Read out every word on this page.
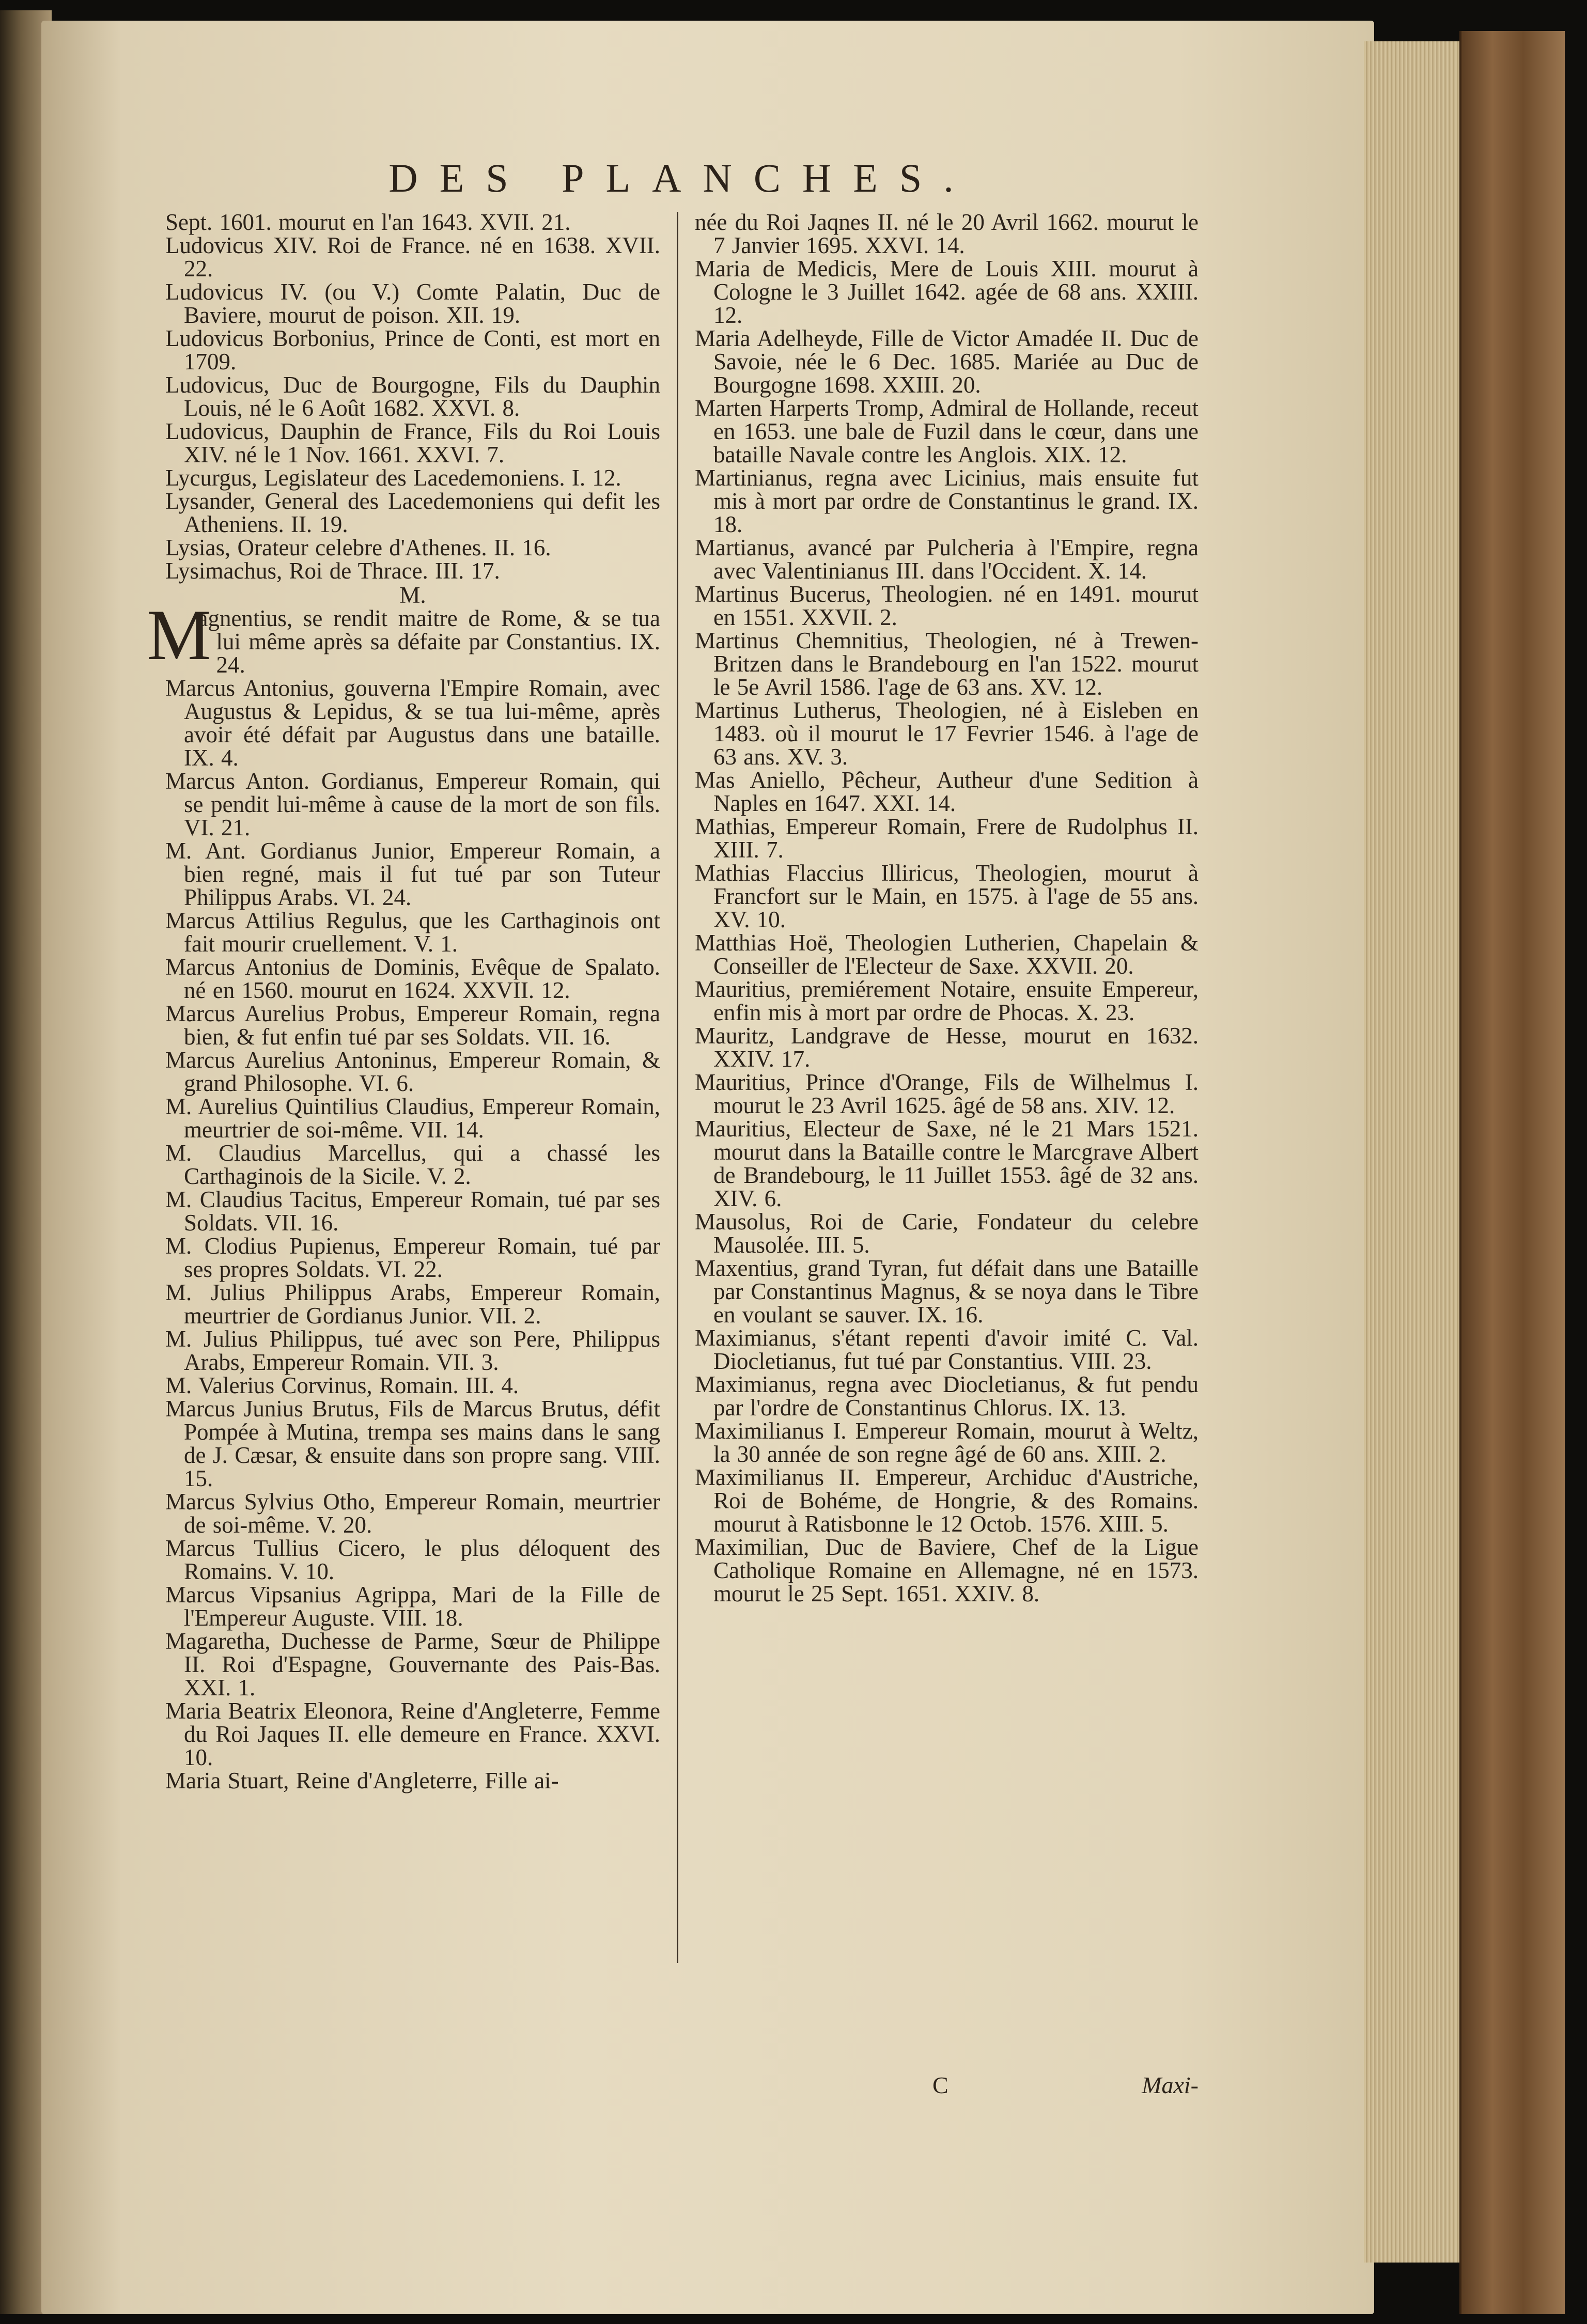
DES PLANCHES.

Sept. 1601. mourut en l'an 1643. XVII. 21.

Ludovicus XIV. Roi de France. né en 1638. XVII. 22.

Ludovicus IV. (ou V.) Comte Palatin, Duc de Baviere, mourut de poison. XII. 19.

Ludovicus Borbonius, Prince de Conti, est mort en 1709.

Ludovicus, Duc de Bourgogne, Fils du Dauphin Louis, né le 6 Août 1682. XXVI. 8.

Ludovicus, Dauphin de France, Fils du Roi Louis XIV. né le 1 Nov. 1661. XXVI. 7.

Lycurgus, Legislateur des Lacedemoniens. I. 12.

Lysander, General des Lacedemoniens qui defit les Atheniens. II. 19.

Lysias, Orateur celebre d'Athenes. II. 16.

Lysimachus, Roi de Thrace. III. 17.

M.

M
agnentius, se rendit maitre de Rome, & se tua lui même après sa défaite par Constantius. IX. 24.

Marcus Antonius, gouverna l'Empire Romain, avec Augustus & Lepidus, & se tua lui-même, après avoir été défait par Augustus dans une bataille. IX. 4.

Marcus Anton. Gordianus, Empereur Romain, qui se pendit lui-même à cause de la mort de son fils. VI. 21.

M. Ant. Gordianus Junior, Empereur Romain, a bien regné, mais il fut tué par son Tuteur Philippus Arabs. VI. 24.

Marcus Attilius Regulus, que les Carthaginois ont fait mourir cruellement. V. 1.

Marcus Antonius de Dominis, Evêque de Spalato. né en 1560. mourut en 1624. XXVII. 12.

Marcus Aurelius Probus, Empereur Romain, regna bien, & fut enfin tué par ses Soldats. VII. 16.

Marcus Aurelius Antoninus, Empereur Romain, & grand Philosophe. VI. 6.

M. Aurelius Quintilius Claudius, Empereur Romain, meurtrier de soi-même. VII. 14.

M. Claudius Marcellus, qui a chassé les Carthaginois de la Sicile. V. 2.

M. Claudius Tacitus, Empereur Romain, tué par ses Soldats. VII. 16.

M. Clodius Pupienus, Empereur Romain, tué par ses propres Soldats. VI. 22.

M. Julius Philippus Arabs, Empereur Romain, meurtrier de Gordianus Junior. VII. 2.

M. Julius Philippus, tué avec son Pere, Philippus Arabs, Empereur Romain. VII. 3.

M. Valerius Corvinus, Romain. III. 4.

Marcus Junius Brutus, Fils de Marcus Brutus, défit Pompée à Mutina, trempa ses mains dans le sang de J. Cæsar, & ensuite dans son propre sang. VIII. 15.

Marcus Sylvius Otho, Empereur Romain, meurtrier de soi-même. V. 20.

Marcus Tullius Cicero, le plus déloquent des Romains. V. 10.

Marcus Vipsanius Agrippa, Mari de la Fille de l'Empereur Auguste. VIII. 18.

Magaretha, Duchesse de Parme, Sœur de Philippe II. Roi d'Espagne, Gouvernante des Pais-Bas. XXI. 1.

Maria Beatrix Eleonora, Reine d'Angleterre, Femme du Roi Jaques II. elle demeure en France. XXVI. 10.

Maria Stuart, Reine d'Angleterre, Fille ai-

née du Roi Jaqnes II. né le 20 Avril 1662. mourut le 7 Janvier 1695. XXVI. 14.

Maria de Medicis, Mere de Louis XIII. mourut à Cologne le 3 Juillet 1642. agée de 68 ans. XXIII. 12.

Maria Adelheyde, Fille de Victor Amadée II. Duc de Savoie, née le 6 Dec. 1685. Mariée au Duc de Bourgogne 1698. XXIII. 20.

Marten Harperts Tromp, Admiral de Hollande, receut en 1653. une bale de Fuzil dans le cœur, dans une bataille Navale contre les Anglois. XIX. 12.

Martinianus, regna avec Licinius, mais ensuite fut mis à mort par ordre de Constantinus le grand. IX. 18.

Martianus, avancé par Pulcheria à l'Empire, regna avec Valentinianus III. dans l'Occident. X. 14.

Martinus Bucerus, Theologien. né en 1491. mourut en 1551. XXVII. 2.

Martinus Chemnitius, Theologien, né à Trewen-Britzen dans le Brandebourg en l'an 1522. mourut le 5e Avril 1586. l'age de 63 ans. XV. 12.

Martinus Lutherus, Theologien, né à Eisleben en 1483. où il mourut le 17 Fevrier 1546. à l'age de 63 ans. XV. 3.

Mas Aniello, Pêcheur, Autheur d'une Sedition à Naples en 1647. XXI. 14.

Mathias, Empereur Romain, Frere de Rudolphus II. XIII. 7.

Mathias Flaccius Illiricus, Theologien, mourut à Francfort sur le Main, en 1575. à l'age de 55 ans. XV. 10.

Matthias Hoë, Theologien Lutherien, Chapelain & Conseiller de l'Electeur de Saxe. XXVII. 20.

Mauritius, premiérement Notaire, ensuite Empereur, enfin mis à mort par ordre de Phocas. X. 23.

Mauritz, Landgrave de Hesse, mourut en 1632. XXIV. 17.

Mauritius, Prince d'Orange, Fils de Wilhelmus I. mourut le 23 Avril 1625. âgé de 58 ans. XIV. 12.

Mauritius, Electeur de Saxe, né le 21 Mars 1521. mourut dans la Bataille contre le Marcgrave Albert de Brandebourg, le 11 Juillet 1553. âgé de 32 ans. XIV. 6.

Mausolus, Roi de Carie, Fondateur du celebre Mausolée. III. 5.

Maxentius, grand Tyran, fut défait dans une Bataille par Constantinus Magnus, & se noya dans le Tibre en voulant se sauver. IX. 16.

Maximianus, s'étant repenti d'avoir imité C. Val. Diocletianus, fut tué par Constantius. VIII. 23.

Maximianus, regna avec Diocletianus, & fut pendu par l'ordre de Constantinus Chlorus. IX. 13.

Maximilianus I. Empereur Romain, mourut à Weltz, la 30 année de son regne âgé de 60 ans. XIII. 2.

Maximilianus II. Empereur, Archiduc d'Austriche, Roi de Bohéme, de Hongrie, & des Romains. mourut à Ratisbonne le 12 Octob. 1576. XIII. 5.

Maximilian, Duc de Baviere, Chef de la Ligue Catholique Romaine en Allemagne, né en 1573. mourut le 25 Sept. 1651. XXIV. 8.

C	Maxi-
